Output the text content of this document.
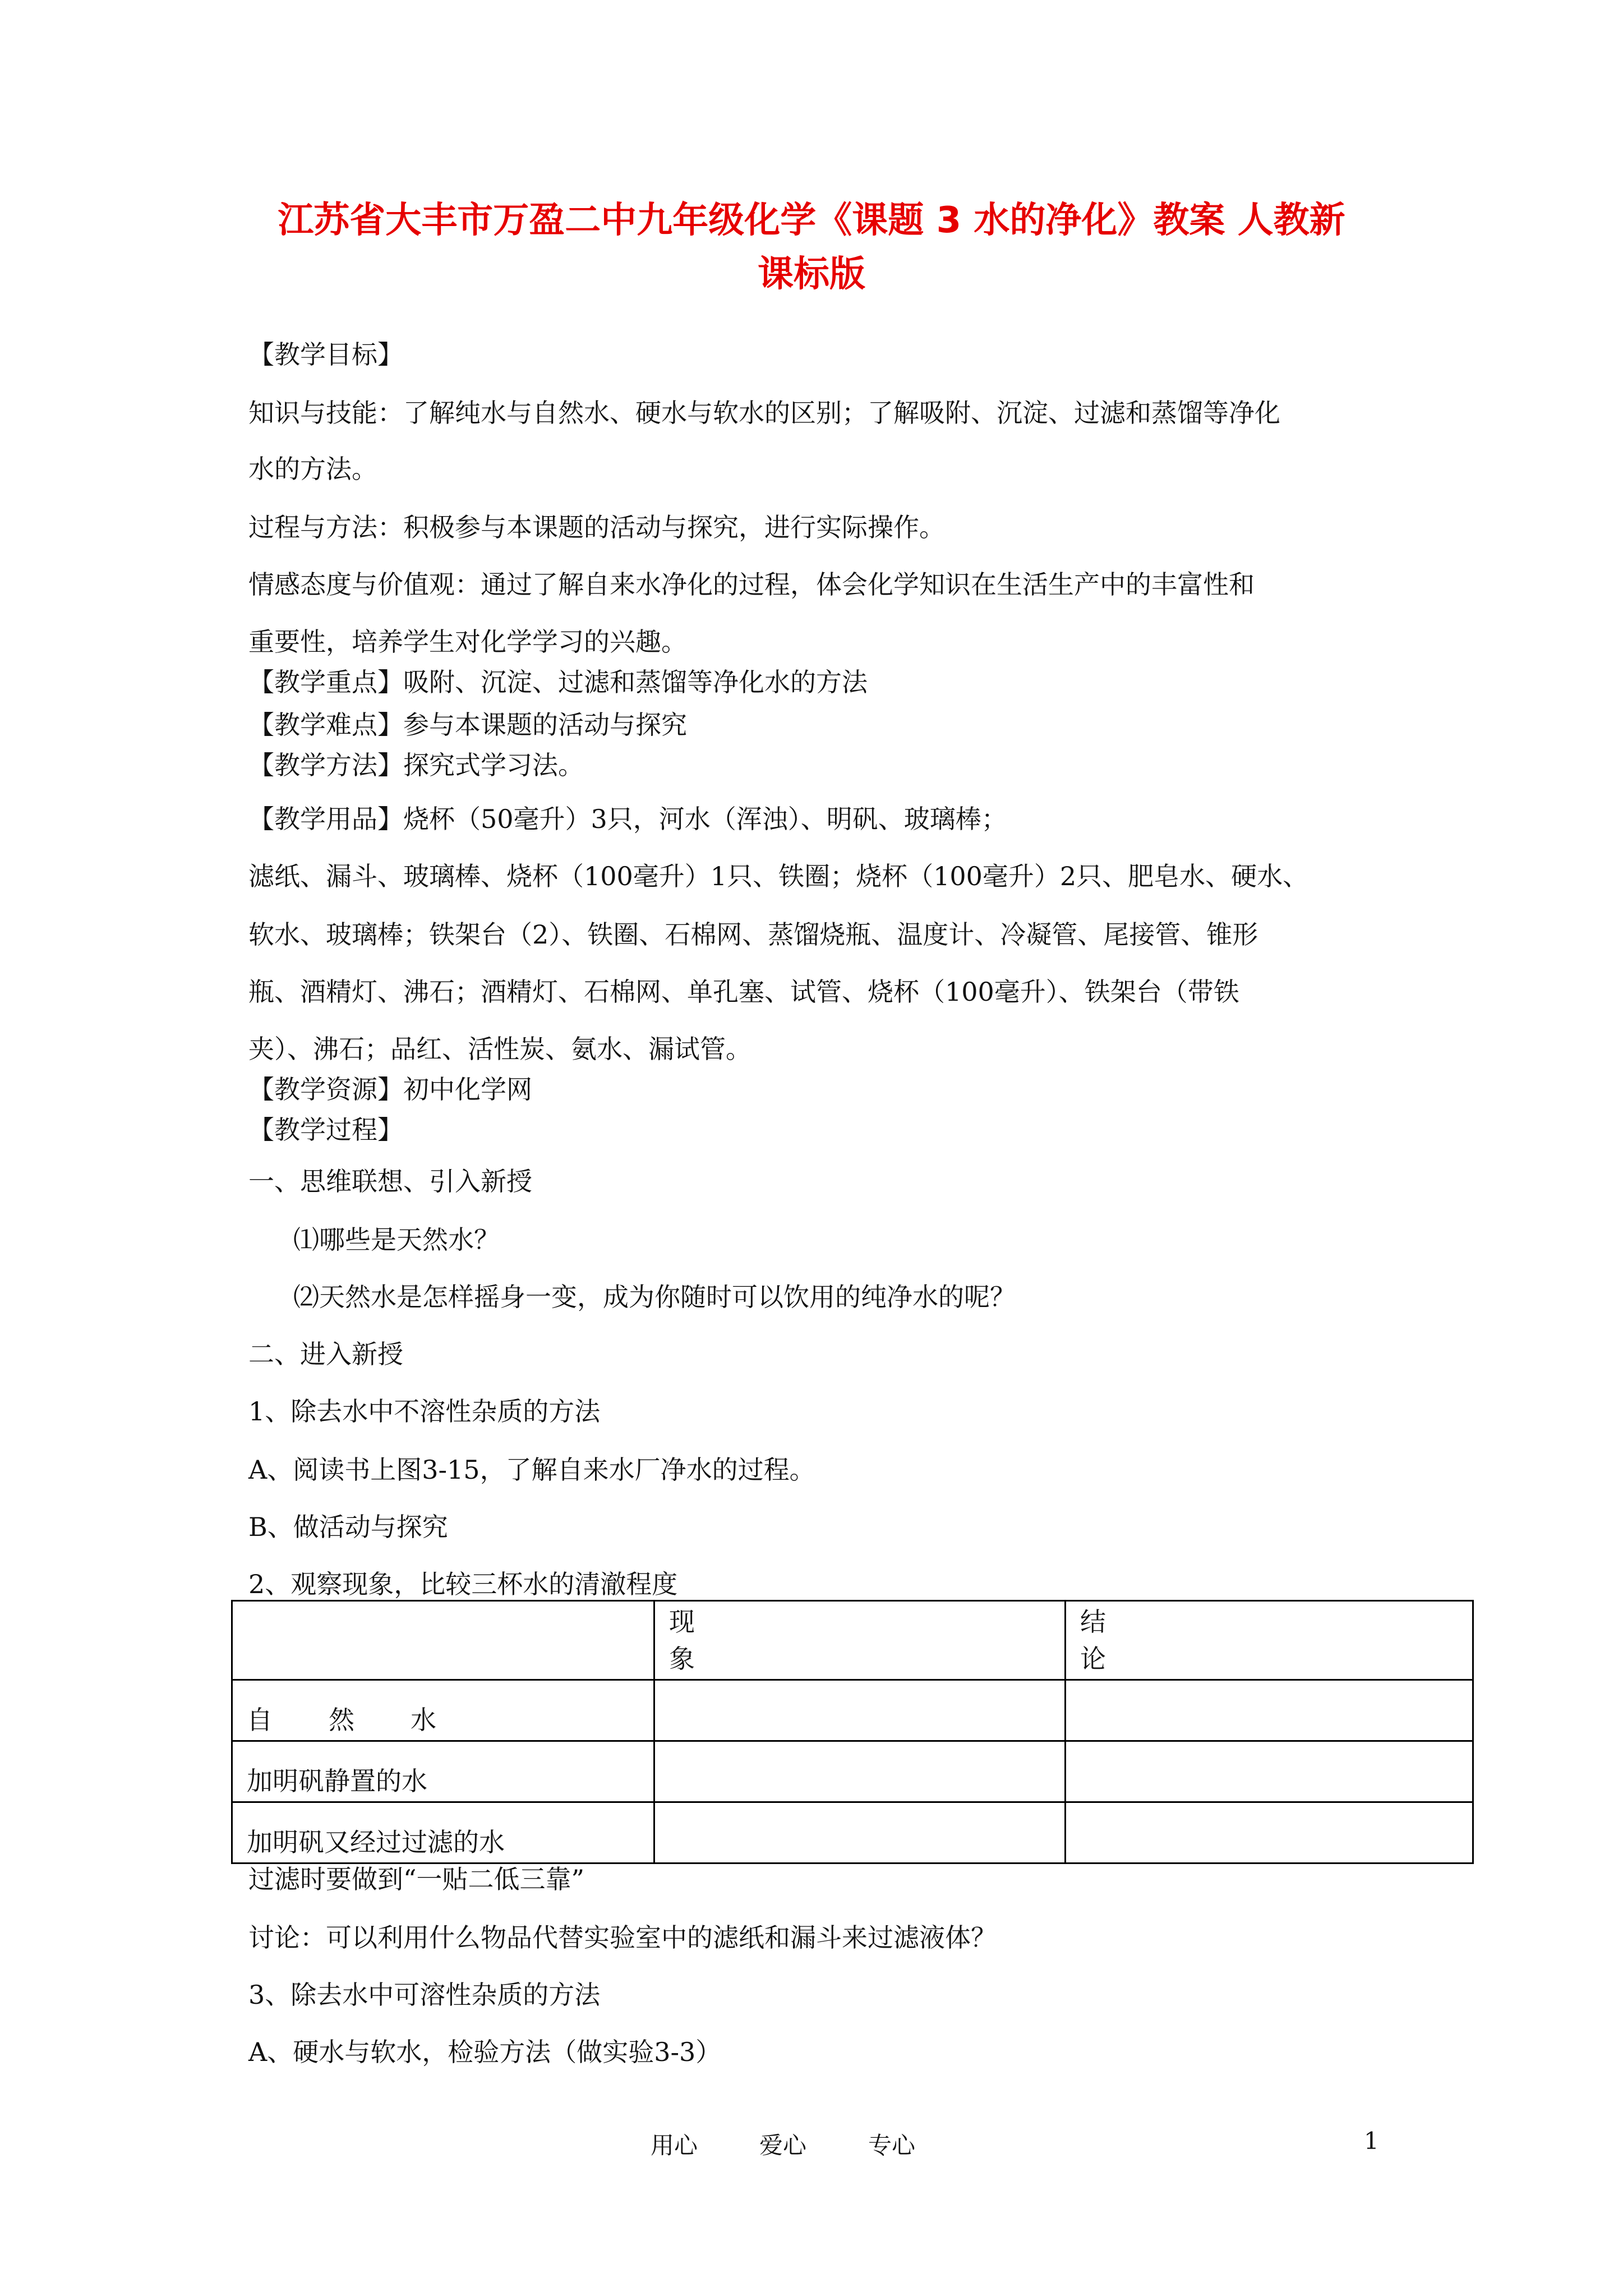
江苏省大丰市万盈二中九年级化学《课题 3 水的净化》教案 人教新
课标版
【教学目标】
知识与技能：了解纯水与自然水、硬水与软水的区别；了解吸附、沉淀、过滤和蒸馏等净化
水的方法。
过程与方法：积极参与本课题的活动与探究，进行实际操作。
情感态度与价值观：通过了解自来水净化的过程，体会化学知识在生活生产中的丰富性和
重要性，培养学生对化学学习的兴趣。
【教学重点】吸附、沉淀、过滤和蒸馏等净化水的方法
【教学难点】参与本课题的活动与探究
【教学方法】探究式学习法。
【教学用品】烧杯（50毫升）3只，河水（浑浊）、明矾、玻璃棒；
滤纸、漏斗、玻璃棒、烧杯（100毫升）1只、铁圈；烧杯（100毫升）2只、肥皂水、硬水、
软水、玻璃棒；铁架台（2）、铁圈、石棉网、蒸馏烧瓶、温度计、冷凝管、尾接管、锥形
瓶、酒精灯、沸石；酒精灯、石棉网、单孔塞、试管、烧杯（100毫升）、铁架台（带铁
夹）、沸石；品红、活性炭、氨水、漏试管。
【教学资源】初中化学网
【教学过程】
一、思维联想、引入新授
⑴哪些是天然水？
⑵天然水是怎样摇身一变，成为你随时可以饮用的纯净水的呢？
二、进入新授
1、除去水中不溶性杂质的方法
A、阅读书上图3-15，了解自来水厂净水的过程。
B、做活动与探究
2、观察现象，比较三杯水的清澈程度

	现象	结论

自然水		
加明矾静置的水		
加明矾又经过过滤的水		
过滤时要做到“一贴二低三靠”
讨论：可以利用什么物品代替实验室中的滤纸和漏斗来过滤液体？
3、除去水中可溶性杂质的方法
A、硬水与软水，检验方法（做实验3-3）
用心	爱心	专心	1
